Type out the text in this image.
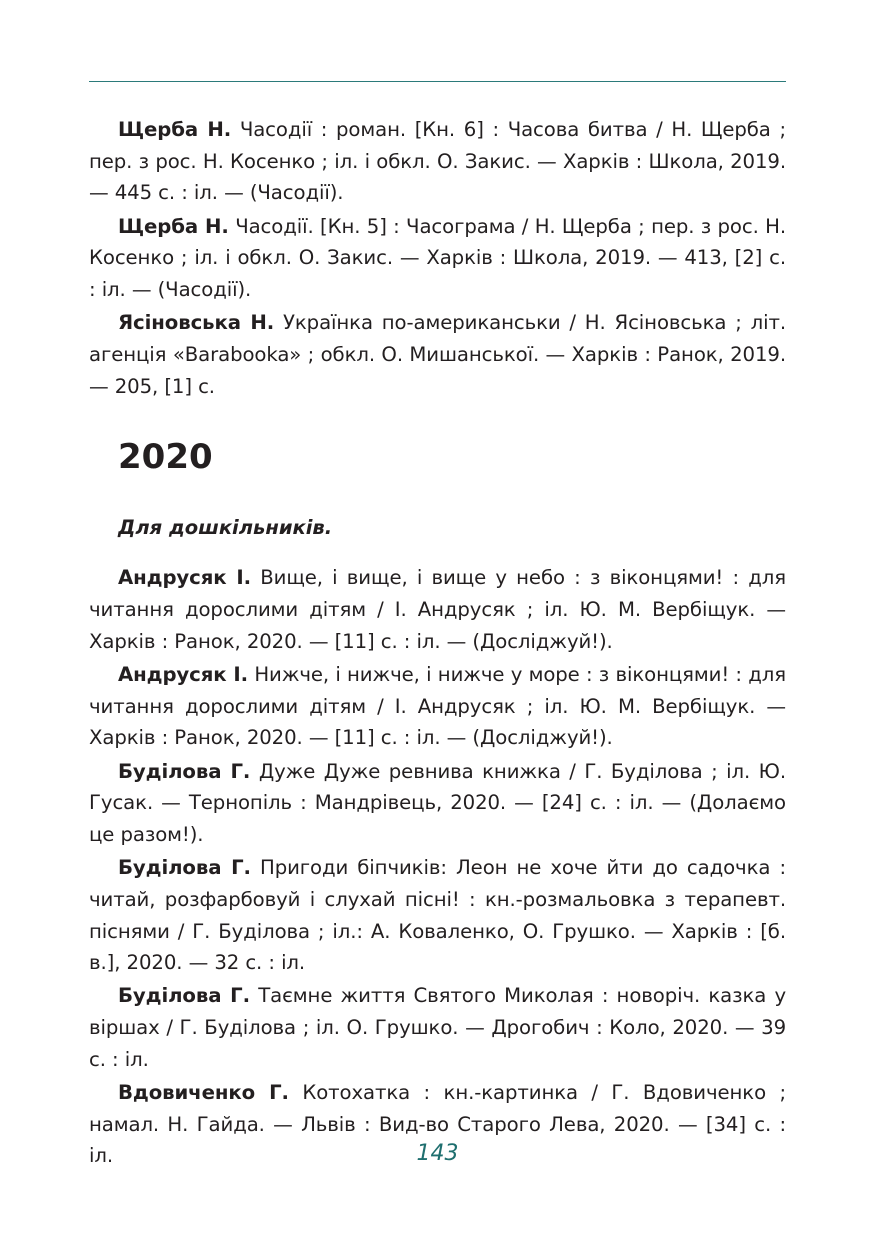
Щерба Н. Часодії : роман. [Кн. 6] : Часова битва / Н. Щерба ; пер. з рос. Н. Косенко ; іл. і обкл. О. Закис. — Харків : Школа, 2019. — 445 с. : іл. — (Часодії).

Щерба Н. Часодії. [Кн. 5] : Часограма / Н. Щерба ; пер. з рос. Н. Косенко ; іл. і обкл. О. Закис. — Харків : Школа, 2019. — 413, [2] с. : іл. — (Часодії).

Ясіновська Н. Українка по-американськи / Н. Ясіновська ; літ. агенція «Barabooka» ; обкл. О. Мишанської. — Харків : Ранок, 2019. — 205, [1] с.

2020
Для дошкільників.

Андрусяк І. Вище, і вище, і вище у небо : з віконцями! : для читання дорослими дітям / І. Андрусяк ; іл. Ю. М. Вербіщук. — Харків : Ранок, 2020. — [11] с. : іл. — (Досліджуй!).

Андрусяк І. Нижче, і нижче, і нижче у море : з віконцями! : для читання дорослими дітям / І. Андрусяк ; іл. Ю. М. Вербіщук. — Харків : Ранок, 2020. — [11] с. : іл. — (Досліджуй!).

Буділова Г. Дуже Дуже ревнива книжка / Г. Буділова ; іл. Ю. Гусак. — Тернопіль : Мандрівець, 2020. — [24] с. : іл. — (Долаємо це разом!).

Буділова Г. Пригоди біпчиків: Леон не хоче йти до садочка : читай, розфарбовуй і слухай пісні! : кн.-розмальовка з терапевт. піснями / Г. Буділова ; іл.: А. Коваленко, О. Грушко. — Харків : [б. в.], 2020. — 32 с. : іл.

Буділова Г. Таємне життя Святого Миколая : новоріч. казка у віршах / Г. Буділова ; іл. О. Грушко. — Дрогобич : Коло, 2020. — 39 с. : іл.

Вдовиченко Г. Котохатка : кн.-картинка / Г. Вдовиченко ; намал. Н. Гайда. — Львів : Вид-во Старого Лева, 2020. — [34] с. : іл.	143
